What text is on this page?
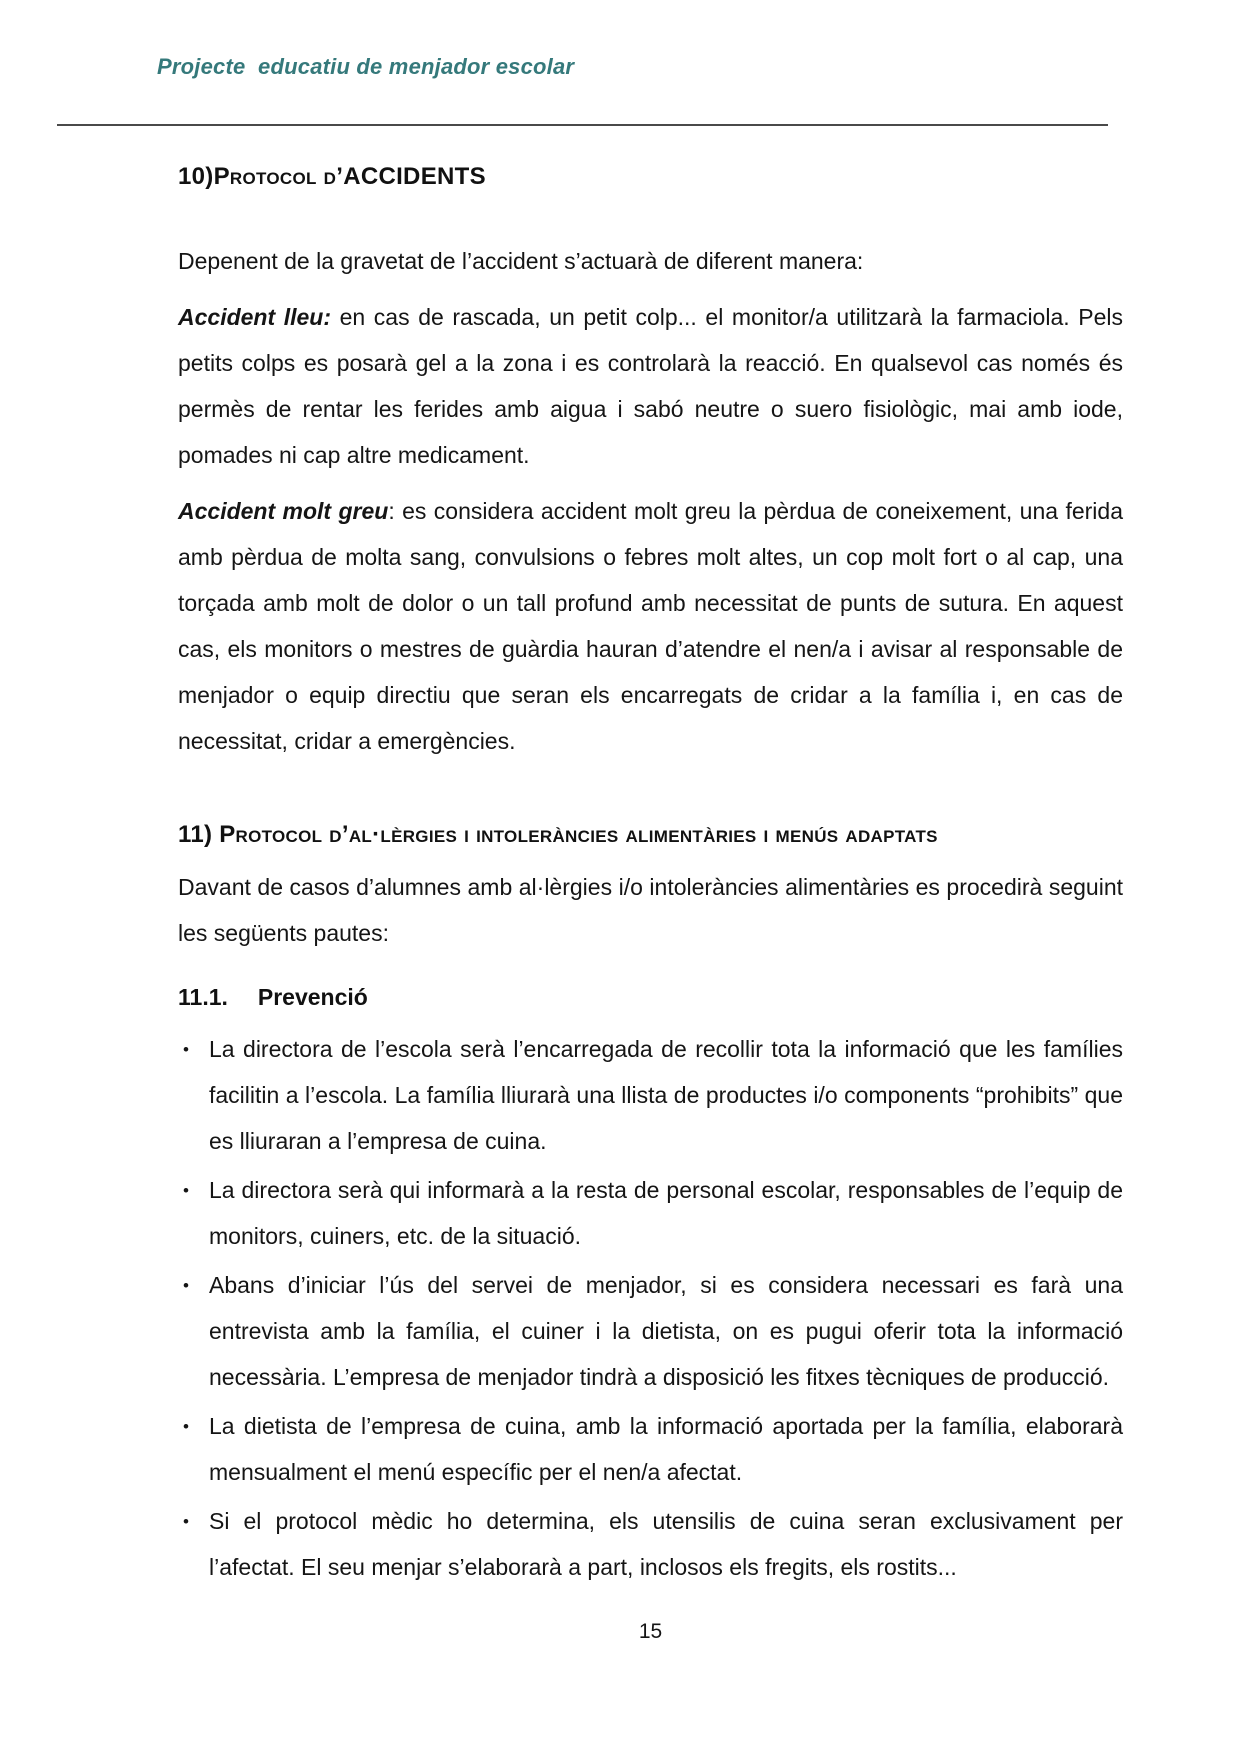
Projecte  educatiu de menjador escolar
10)Protocol d’ACCIDENTS

Depenent de la gravetat de l’accident s’actuarà de diferent manera:

Accident lleu: en cas de rascada, un petit colp... el monitor/a utilitzarà la farmaciola. Pels petits colps es posarà gel a la zona i es controlarà la reacció. En qualsevol cas només és permès de rentar les ferides amb aigua i sabó neutre o suero fisiològic, mai amb iode, pomades ni cap altre medicament.

Accident molt greu: es considera accident molt greu la pèrdua de coneixement, una ferida amb pèrdua de molta sang, convulsions o febres molt altes, un cop molt fort o al cap, una torçada amb molt de dolor o un tall profund amb necessitat de punts de sutura. En aquest cas, els monitors o mestres de guàrdia hauran d’atendre el nen/a i avisar al responsable de menjador o equip directiu que seran els encarregats de cridar a la família i, en cas de necessitat, cridar a emergències.

11) Protocol d’al·lèrgies i intoleràncies alimentàries i menús adaptats

Davant de casos d’alumnes amb al·lèrgies i/o intoleràncies alimentàries es procedirà seguint les següents pautes:

11.1. Prevenció
• La directora de l’escola serà l’encarregada de recollir tota la informació que les famílies facilitin a l’escola. La família lliurarà una llista de productes i/o components “prohibits” que es lliuraran a l’empresa de cuina.
• La directora serà qui informarà a la resta de personal escolar, responsables de l’equip de monitors, cuiners, etc. de la situació.
• Abans d’iniciar l’ús del servei de menjador, si es considera necessari es farà una entrevista amb la família, el cuiner i la dietista, on es pugui oferir tota la informació necessària. L’empresa de menjador tindrà a disposició les fitxes tècniques de producció.
• La dietista de l’empresa de cuina, amb la informació aportada per la família, elaborarà mensualment el menú específic per el nen/a afectat.
• Si el protocol mèdic ho determina, els utensilis de cuina seran exclusivament per l’afectat. El seu menjar s’elaborarà a part, inclosos els fregits, els rostits...
15
